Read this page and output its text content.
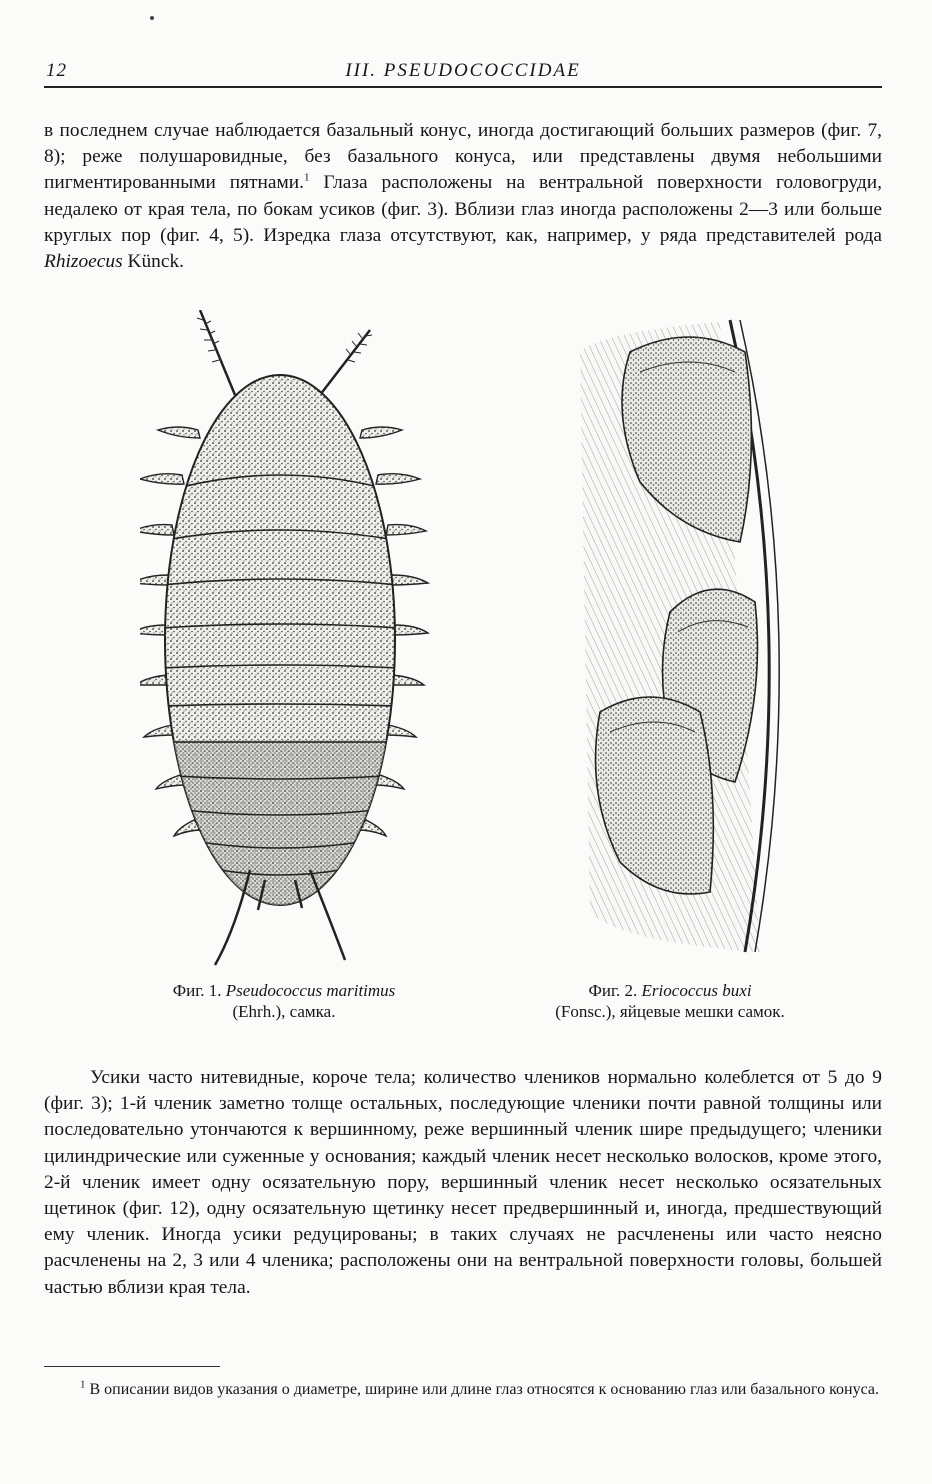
12	III. PSEUDOCOCCIDAE

в последнем случае наблюдается базальный конус, иногда достигающий больших размеров (фиг. 7, 8); реже полушаровидные, без базального конуса, или представлены двумя небольшими пигментированными пятнами.$^1$ Глаза расположены на вентральной поверхности головогруди, недалеко от края тела, по бокам усиков (фиг. 3). Вблизи глаз иногда расположены 2—3 или больше круглых пор (фиг. 4, 5). Изредка глаза отсутствуют, как, например, у ряда представителей рода Rhizoecus Künck.

Фиг. 1. Pseudococcus maritimus
(Ehrh.), самка.

Фиг. 2. Eriococcus buxi
(Fonsc.), яйцевые мешки самок.

Усики часто нитевидные, короче тела; количество члеников нормально колеблется от 5 до 9 (фиг. 3); 1-й членик заметно толще остальных, последующие членики почти равной толщины или последовательно утончаются к вершинному, реже вершинный членик шире предыдущего; членики цилиндрические или суженные у основания; каждый членик несет несколько волосков, кроме этого, 2-й членик имеет одну осязательную пору, вершинный членик несет несколько осязательных щетинок (фиг. 12), одну осязательную щетинку несет предвершинный и, иногда, предшествующий ему членик. Иногда усики редуцированы; в таких случаях не расчленены или часто неясно расчленены на 2, 3 или 4 членика; расположены они на вентральной поверхности головы, большей частью вблизи края тела.

$^1$ В описании видов указания о диаметре, ширине или длине глаз относятся к основанию глаз или базального конуса.
